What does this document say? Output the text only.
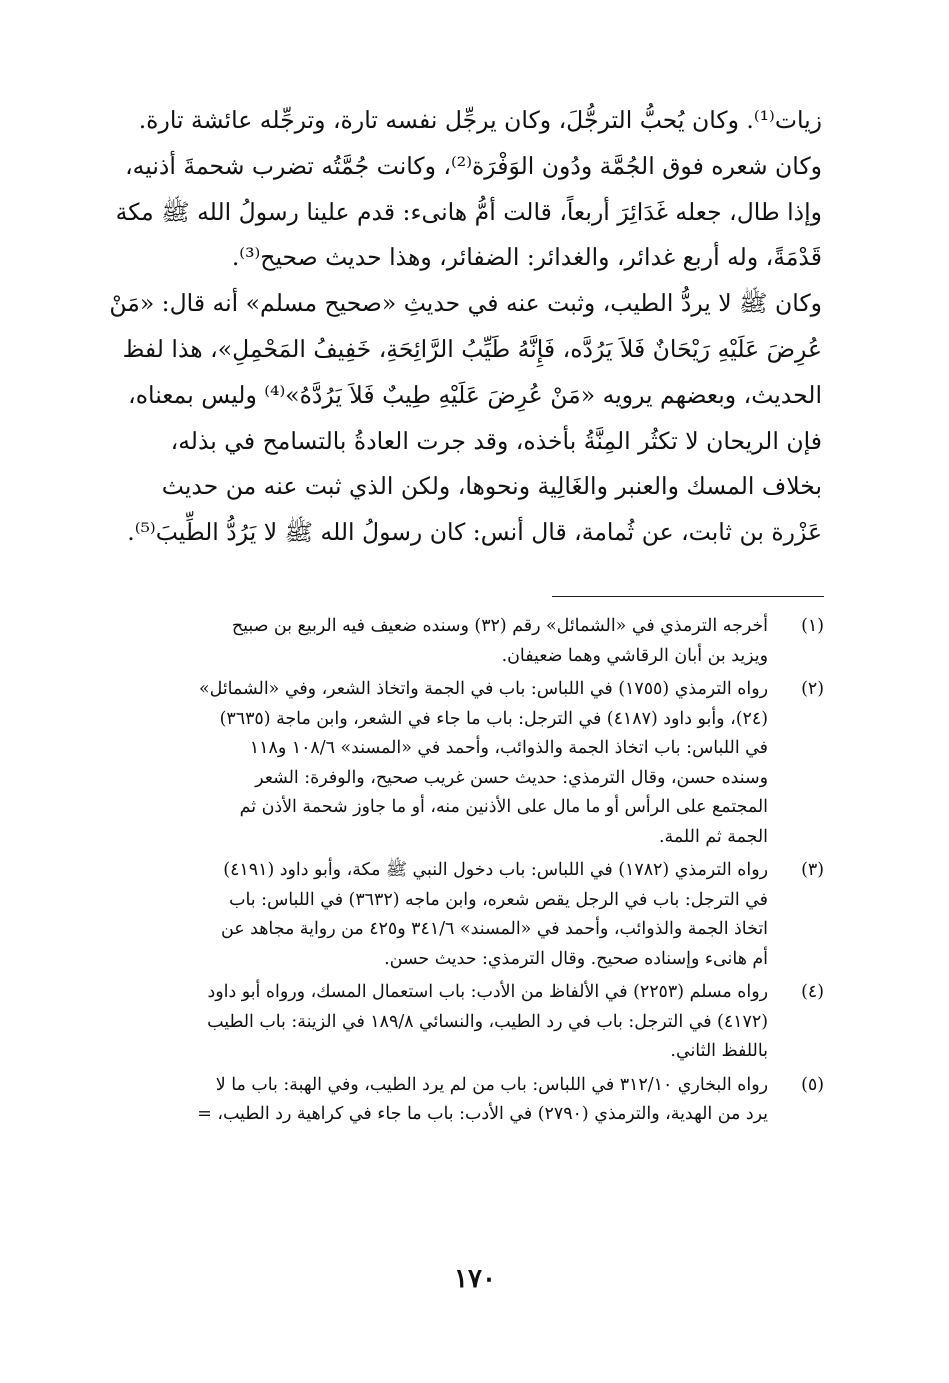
زيات⁽¹⁾. وكان يُحبُّ الترجُّلَ، وكان يرجِّل نفسه تارة، وترجِّله عائشة تارة.
وكان شعره فوق الجُمَّة ودُون الوَفْرَة⁽²⁾، وكانت جُمَّتُه تضرب شحمةَ أذنيه،
وإذا طال، جعله غَدَائِرَ أربعاً، قالت أمُّ هانىء: قدم علينا رسولُ الله ﷺ مكة
قَدْمَةً، وله أربع غدائر، والغدائر: الضفائر، وهذا حديث صحيح⁽³⁾.
وكان ﷺ لا يردُّ الطيب، وثبت عنه في حديثِ «صحيح مسلم» أنه قال: «مَنْ
عُرِضَ عَلَيْهِ رَيْحَانٌ فَلاَ يَرُدَّه، فَإِنَّهُ طَيِّبُ الرَّائِحَةِ، خَفِيفُ المَحْمِلِ»، هذا لفظ
الحديث، وبعضهم يرويه «مَنْ عُرِضَ عَلَيْهِ طِيبٌ فَلاَ يَرُدَّهُ»⁽⁴⁾ وليس بمعناه،
فإن الريحان لا تكثُر المِنَّةُ بأخذه، وقد جرت العادةُ بالتسامح في بذله،
بخلاف المسك والعنبر والغَالِية ونحوها، ولكن الذي ثبت عنه من حديث
عَزْرة بن ثابت، عن ثُمامة، قال أنس: كان رسولُ الله ﷺ لا يَرُدُّ الطِّيبَ⁽⁵⁾.
(١)
أخرجه الترمذي في «الشمائل» رقم (٣٢) وسنده ضعيف فيه الربيع بن صبيح
ويزيد بن أبان الرقاشي وهما ضعيفان.
(٢)
رواه الترمذي (١٧٥٥) في اللباس: باب في الجمة واتخاذ الشعر، وفي «الشمائل»
(٢٤)، وأبو داود (٤١٨٧) في الترجل: باب ما جاء في الشعر، وابن ماجة (٣٦٣٥)
في اللباس: باب اتخاذ الجمة والذوائب، وأحمد في «المسند» ١٠٨/٦ و١١٨
وسنده حسن، وقال الترمذي: حديث حسن غريب صحيح، والوفرة: الشعر
المجتمع على الرأس أو ما مال على الأذنين منه، أو ما جاوز شحمة الأذن ثم
الجمة ثم اللمة.
(٣)
رواه الترمذي (١٧٨٢) في اللباس: باب دخول النبي ﷺ مكة، وأبو داود (٤١٩١)
في الترجل: باب في الرجل يقص شعره، وابن ماجه (٣٦٣٢) في اللباس: باب
اتخاذ الجمة والذوائب، وأحمد في «المسند» ٣٤١/٦ و٤٢٥ من رواية مجاهد عن
أم هانىء وإسناده صحيح. وقال الترمذي: حديث حسن.
(٤)
رواه مسلم (٢٢٥٣) في الألفاظ من الأدب: باب استعمال المسك، ورواه أبو داود
(٤١٧٢) في الترجل: باب في رد الطيب، والنسائي ١٨٩/٨ في الزينة: باب الطيب
باللفظ الثاني.
(٥)
رواه البخاري ٣١٢/١٠ في اللباس: باب من لم يرد الطيب، وفي الهبة: باب ما لا
يرد من الهدية، والترمذي (٢٧٩٠) في الأدب: باب ما جاء في كراهية رد الطيب، =
١٧٠
